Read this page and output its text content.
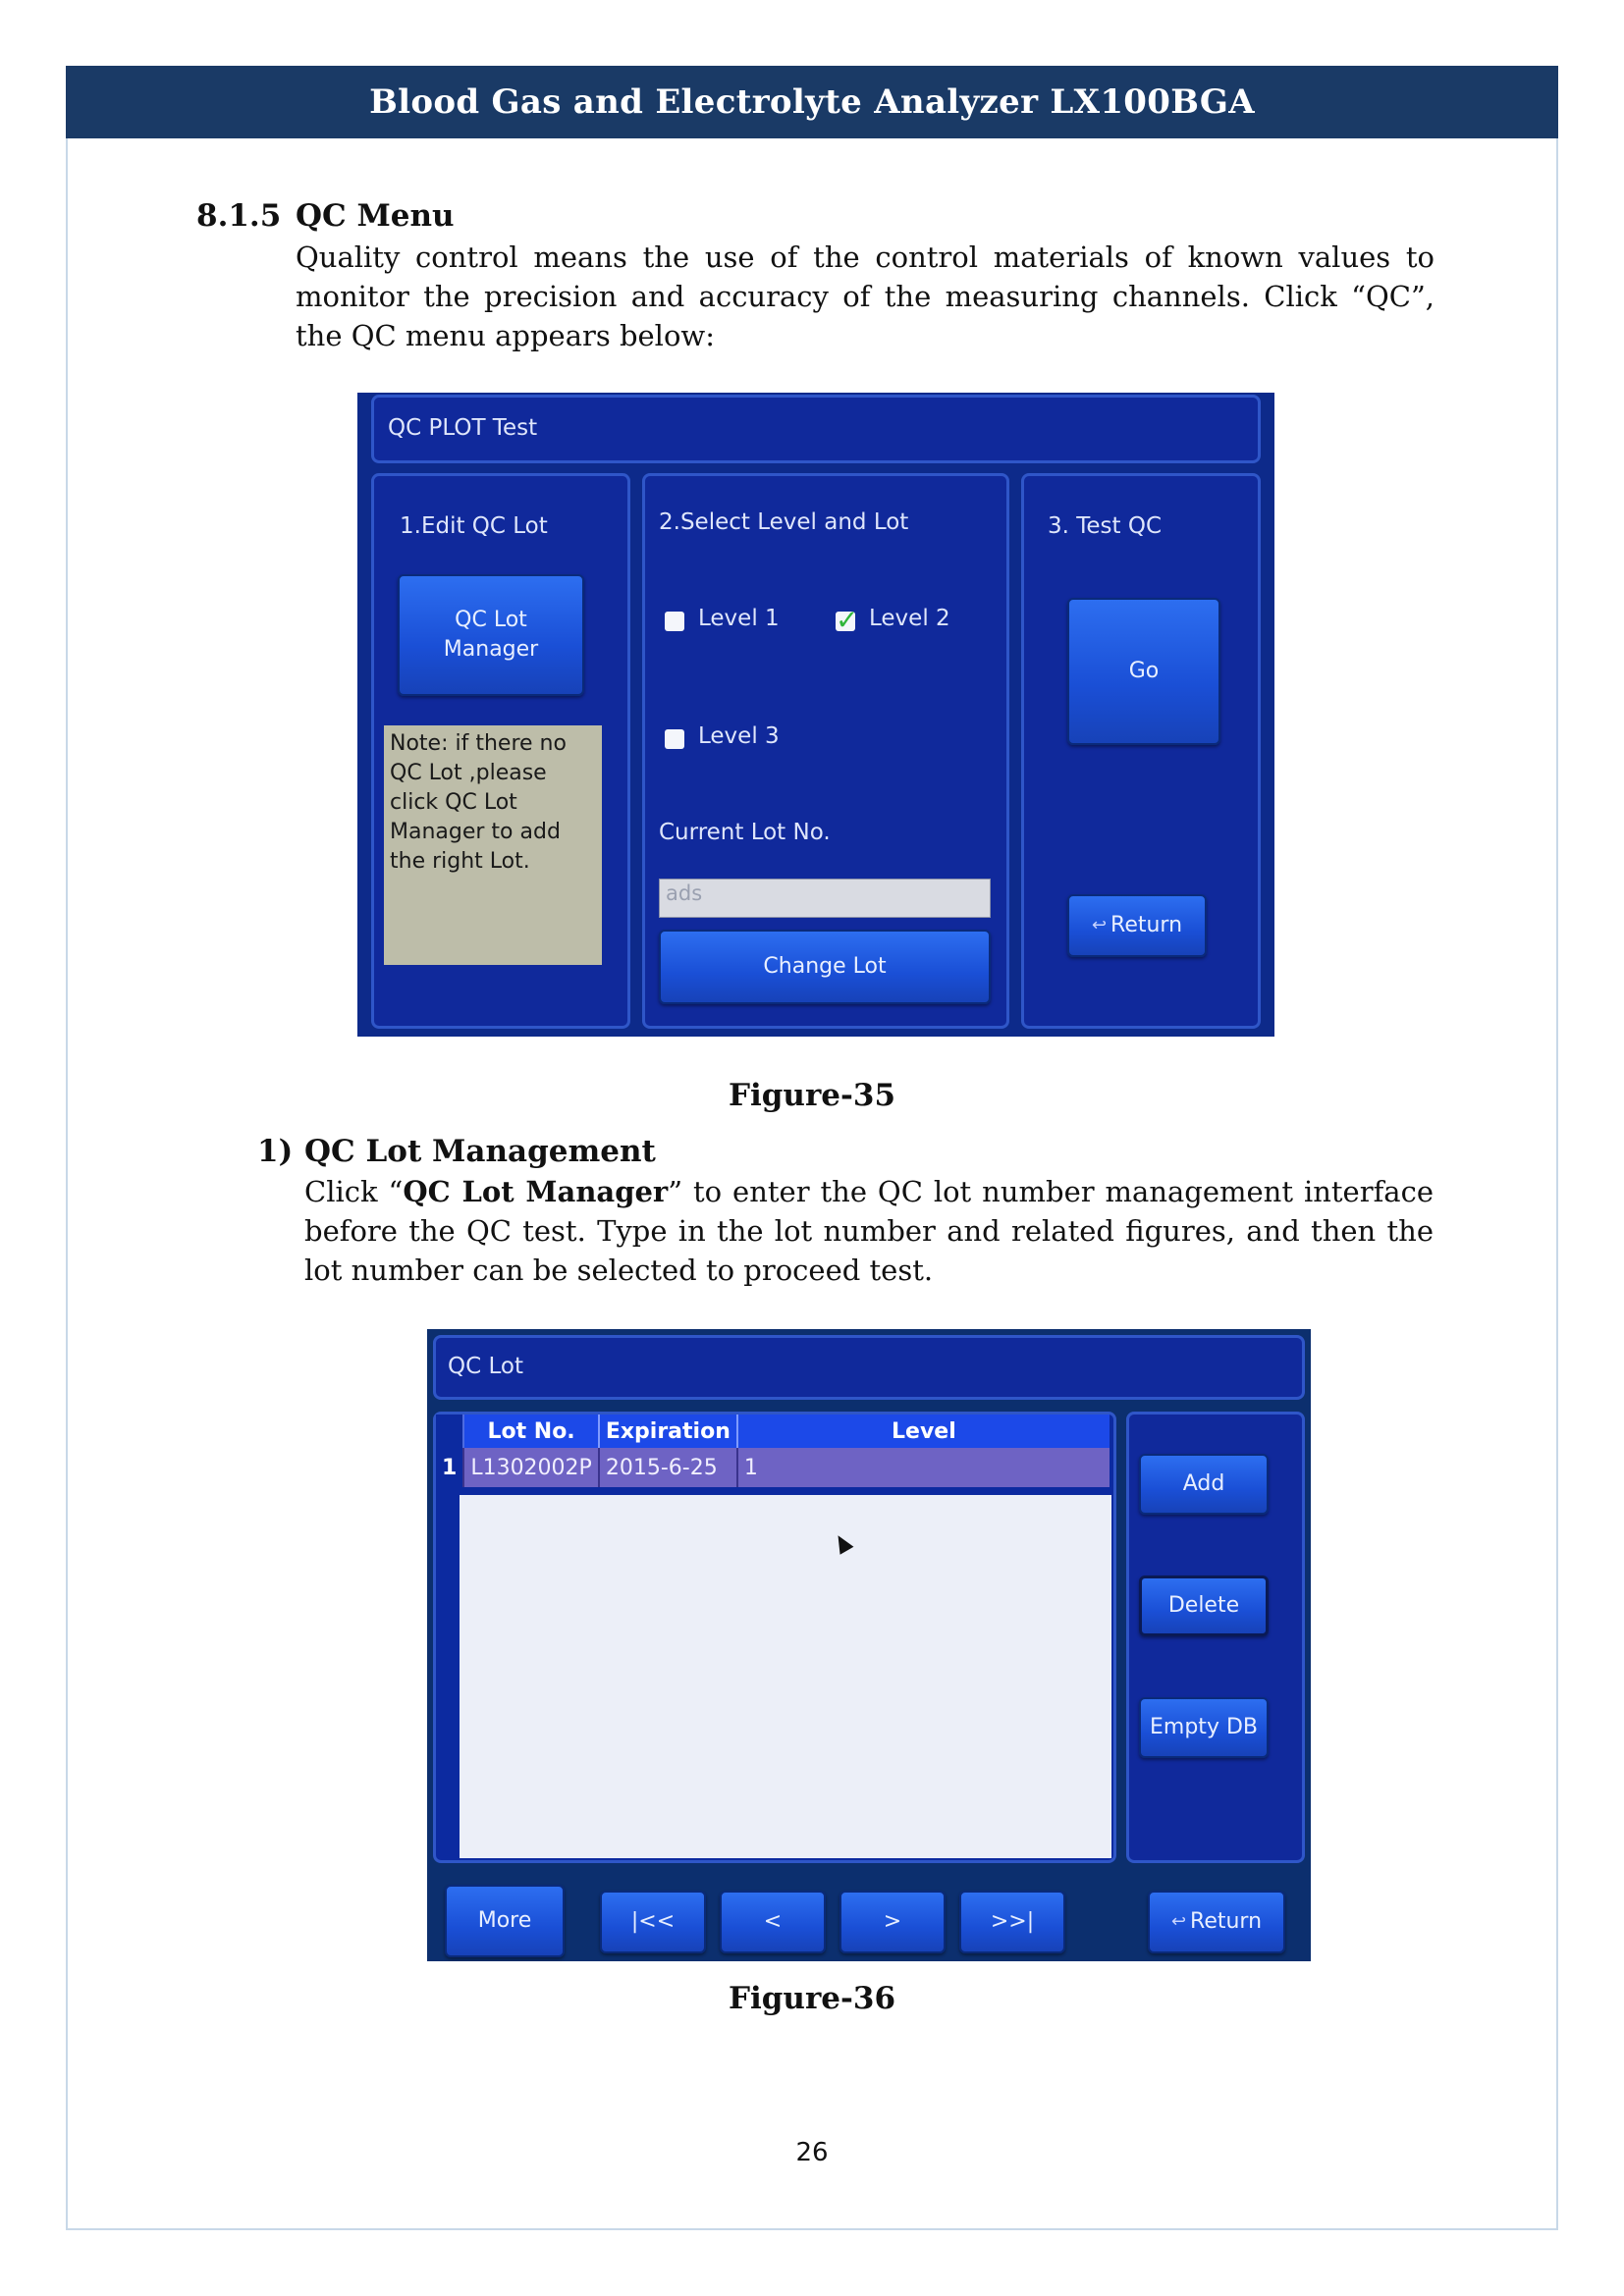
Blood Gas and Electrolyte Analyzer LX100BGA
8.1.5 QC Menu
Quality control means the use of the control materials of known values to monitor the precision and accuracy of the measuring channels. Click “QC”, the QC menu appears below:
QC PLOT Test
1.Edit QC Lot
QC Lot Manager
Note: if there no QC Lot ,please click QC Lot Manager to add the right Lot.
2.Select Level and Lot
Level 1 ✓	Level 2
Level 3
Current Lot No.
ads
Change Lot
3. Test QC
Go
↩ Return
Figure-35
1) QC Lot Management
Click “QC Lot Manager” to enter the QC lot number management interface before the QC test. Type in the lot number and related figures, and then the lot number can be selected to proceed test.
QC Lot
	Lot No.	Expiration	Level
1	L1302002P	2015-6-25	1
Add
Delete
Empty DB
More	|<<	<	>	>>|	↩ Return
Figure-36
26
